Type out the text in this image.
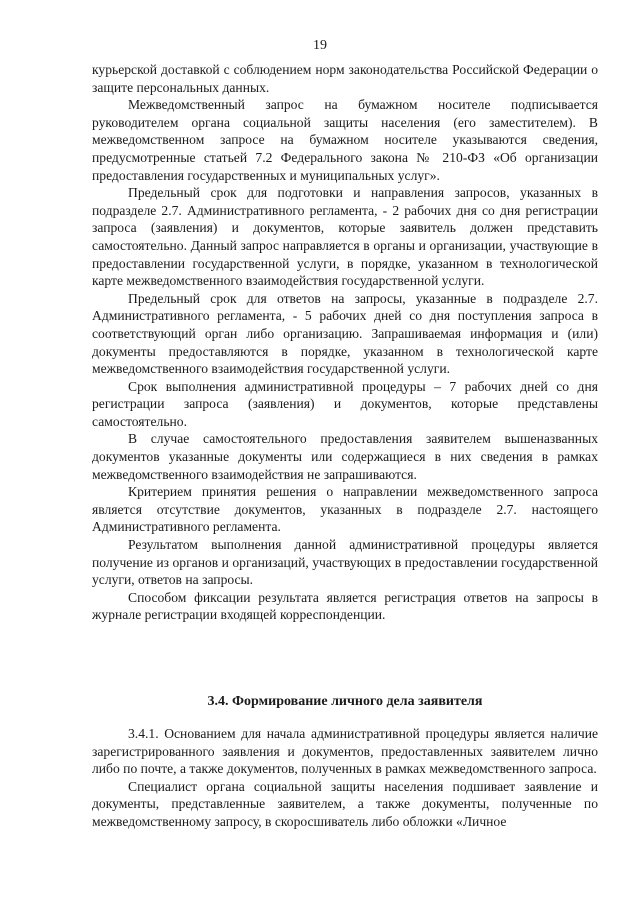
19

курьерской доставкой с соблюдением норм законодательства Российской Федерации о защите персональных данных.

Межведомственный запрос на бумажном носителе подписывается руководителем органа социальной защиты населения (его заместителем). В межведомственном запросе на бумажном носителе указываются сведения, предусмотренные статьей 7.2 Федерального закона № 210-ФЗ «Об организации предоставления государственных и муниципальных услуг».

Предельный срок для подготовки и направления запросов, указанных в подразделе 2.7. Административного регламента, - 2 рабочих дня со дня регистрации запроса (заявления) и документов, которые заявитель должен представить самостоятельно. Данный запрос направляется в органы и организации, участвующие в предоставлении государственной услуги, в порядке, указанном в технологической карте межведомственного взаимодействия государственной услуги.

Предельный срок для ответов на запросы, указанные в подразделе 2.7. Административного регламента, - 5 рабочих дней со дня поступления запроса в соответствующий орган либо организацию. Запрашиваемая информация и (или) документы предоставляются в порядке, указанном в технологической карте межведомственного взаимодействия государственной услуги.

Срок выполнения административной процедуры – 7 рабочих дней со дня регистрации запроса (заявления) и документов, которые представлены самостоятельно.

В случае самостоятельного предоставления заявителем вышеназванных документов указанные документы или содержащиеся в них сведения в рамках межведомственного взаимодействия не запрашиваются.

Критерием принятия решения о направлении межведомственного запроса является отсутствие документов, указанных в подразделе 2.7. настоящего Административного регламента.

Результатом выполнения данной административной процедуры является получение из органов и организаций, участвующих в предоставлении государственной услуги, ответов на запросы.

Способом фиксации результата является регистрация ответов на запросы в журнале регистрации входящей корреспонденции.

3.4. Формирование личного дела заявителя

3.4.1. Основанием для начала административной процедуры является наличие зарегистрированного заявления и документов, предоставленных заявителем лично либо по почте, а также документов, полученных в рамках межведомственного запроса.

Специалист органа социальной защиты населения подшивает заявление и документы, представленные заявителем, а также документы, полученные по межведомственному запросу, в скоросшиватель либо обложки «Личное
